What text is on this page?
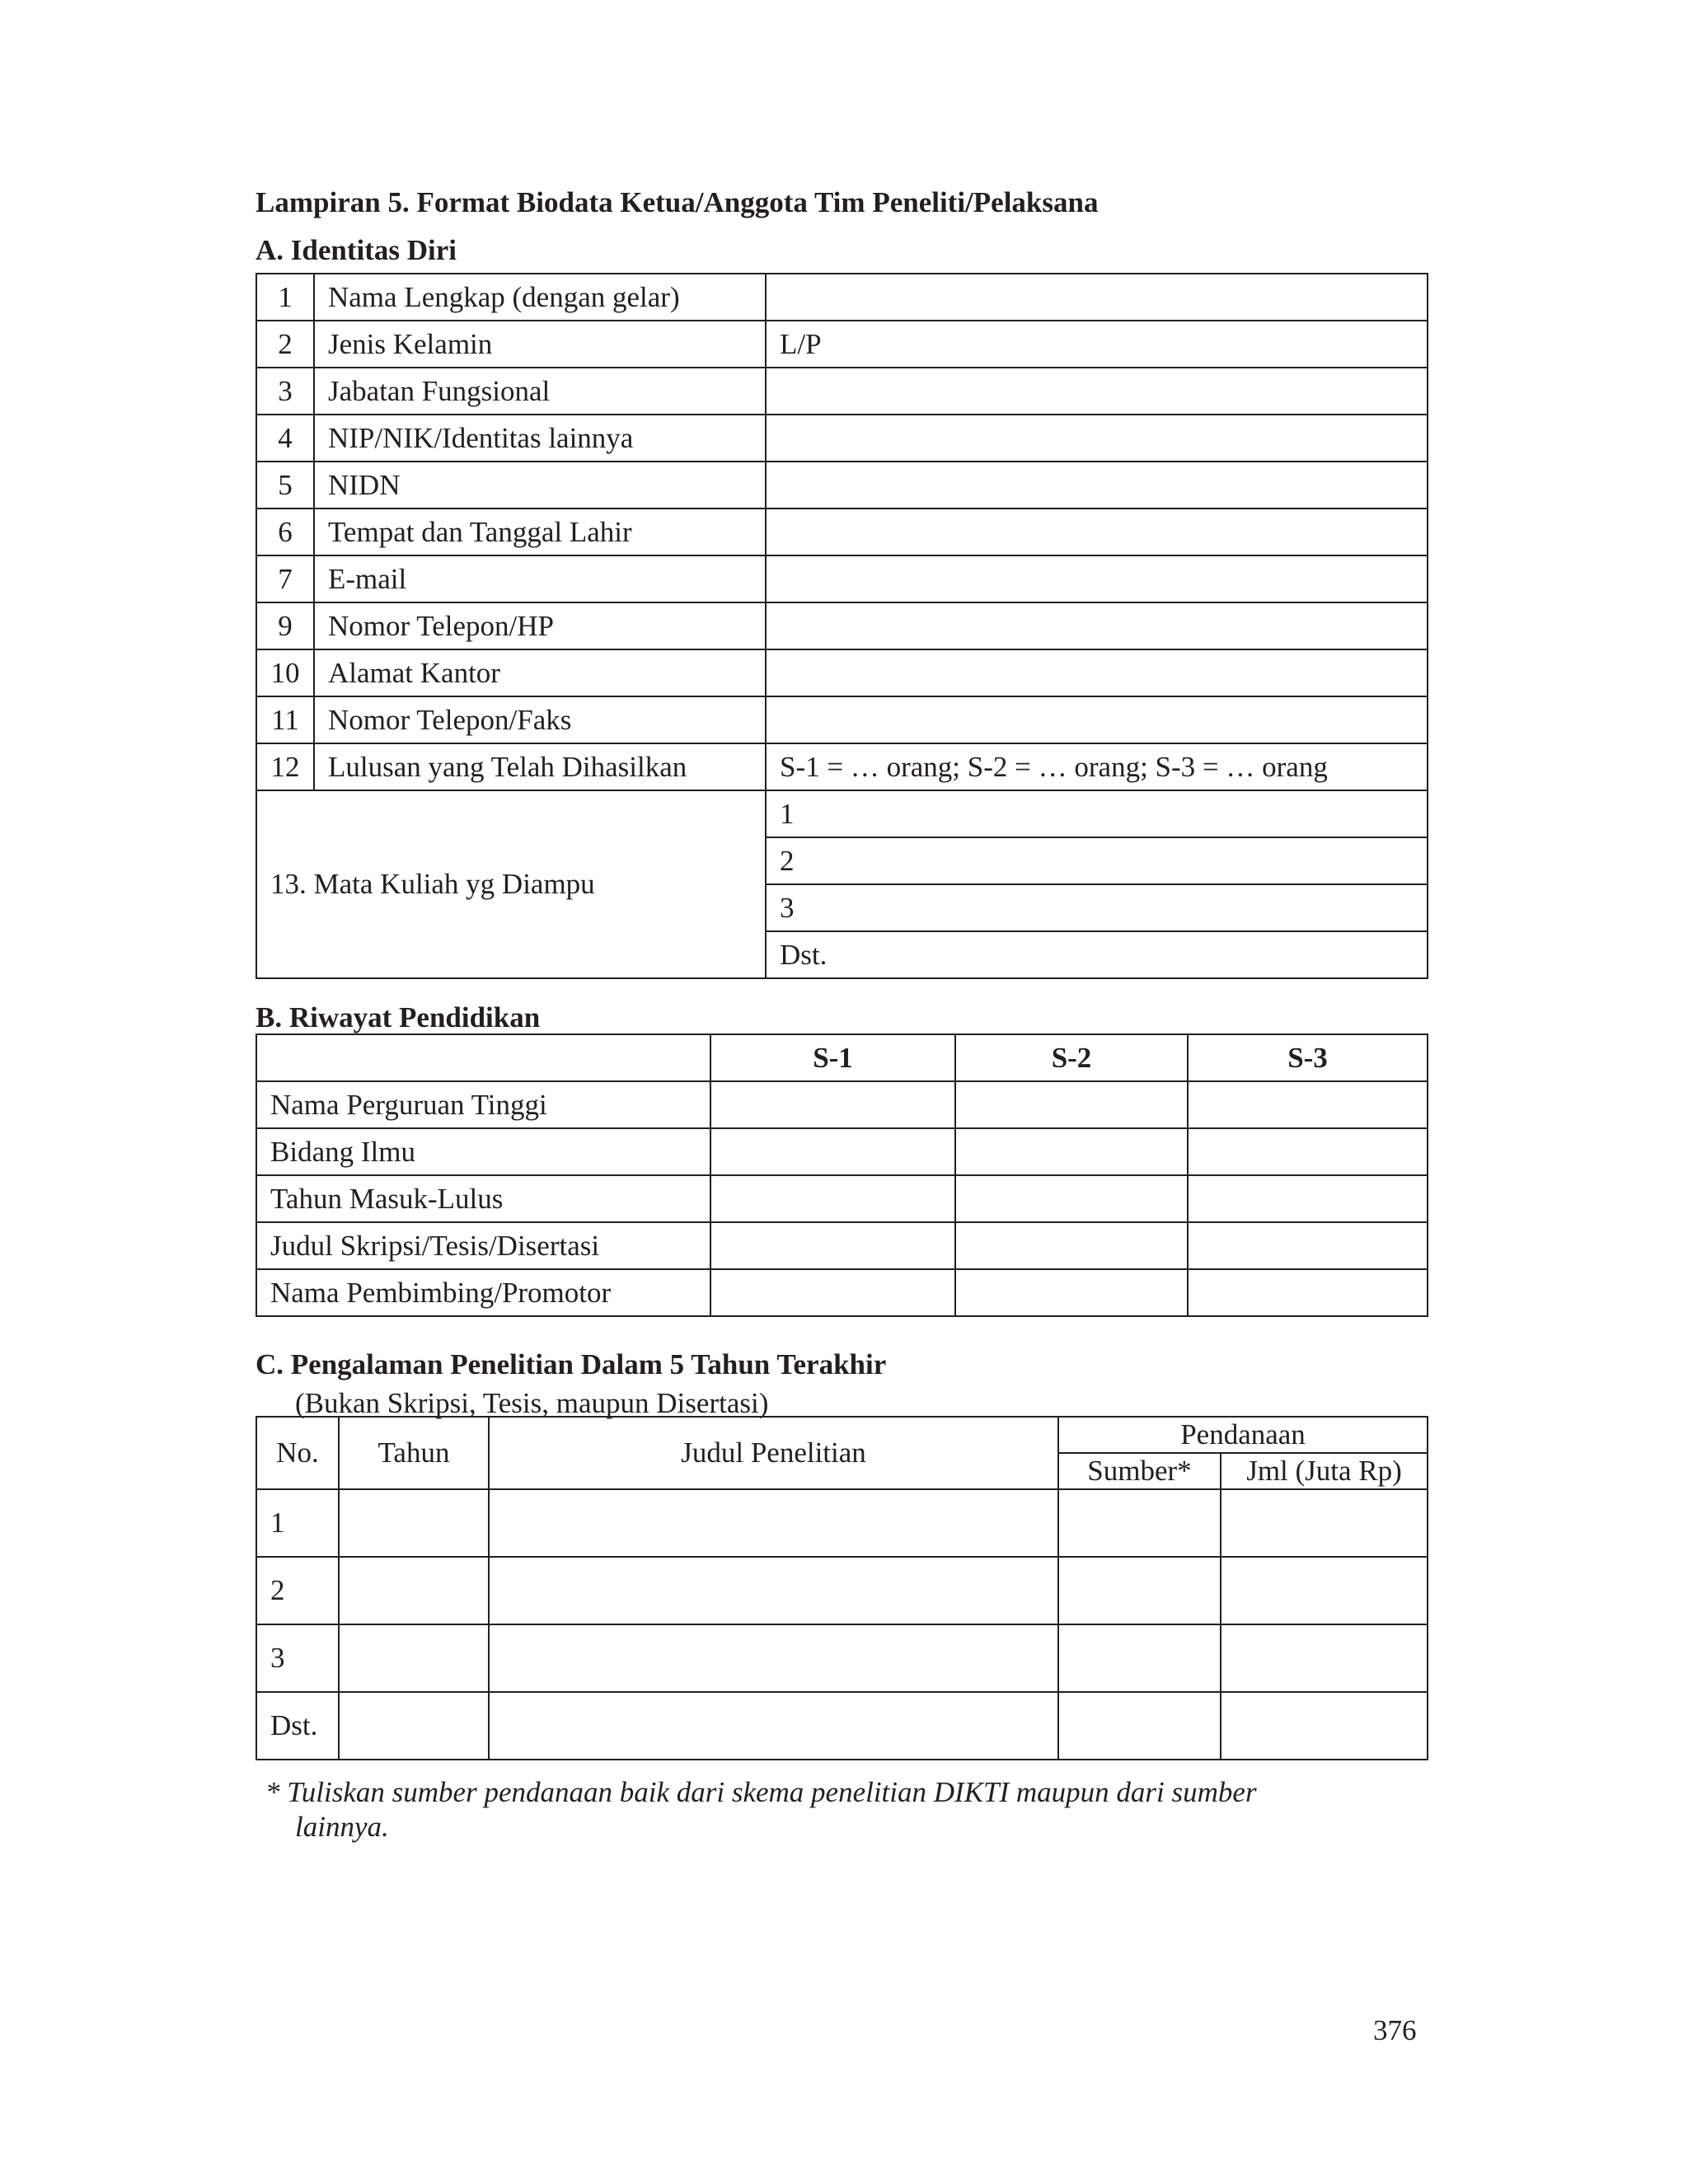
Lampiran 5. Format Biodata Ketua/Anggota Tim Peneliti/Pelaksana

A. Identitas Diri

1	Nama Lengkap (dengan gelar)	
2	Jenis Kelamin	L/P
3	Jabatan Fungsional	
4	NIP/NIK/Identitas lainnya	
5	NIDN	
6	Tempat dan Tanggal Lahir	
7	E-mail	
9	Nomor Telepon/HP	
10	Alamat Kantor	
11	Nomor Telepon/Faks	
12	Lulusan yang Telah Dihasilkan	S-1 = … orang; S-2 = … orang; S-3 = … orang
13. Mata Kuliah yg Diampu		1
		2
		3
		Dst.

B. Riwayat Pendidikan

	S-1	S-2	S-3
Nama Perguruan Tinggi			
Bidang Ilmu			
Tahun Masuk-Lulus			
Judul Skripsi/Tesis/Disertasi			
Nama Pembimbing/Promotor			

C. Pengalaman Penelitian Dalam 5 Tahun Terakhir

(Bukan Skripsi, Tesis, maupun Disertasi)

No.	Tahun	Judul Penelitian	Pendanaan	
			Sumber*	Jml (Juta Rp)
1				
2				
3				
Dst.				

* Tuliskan sumber pendanaan baik dari skema penelitian DIKTI maupun dari sumber
lainnya.

376
